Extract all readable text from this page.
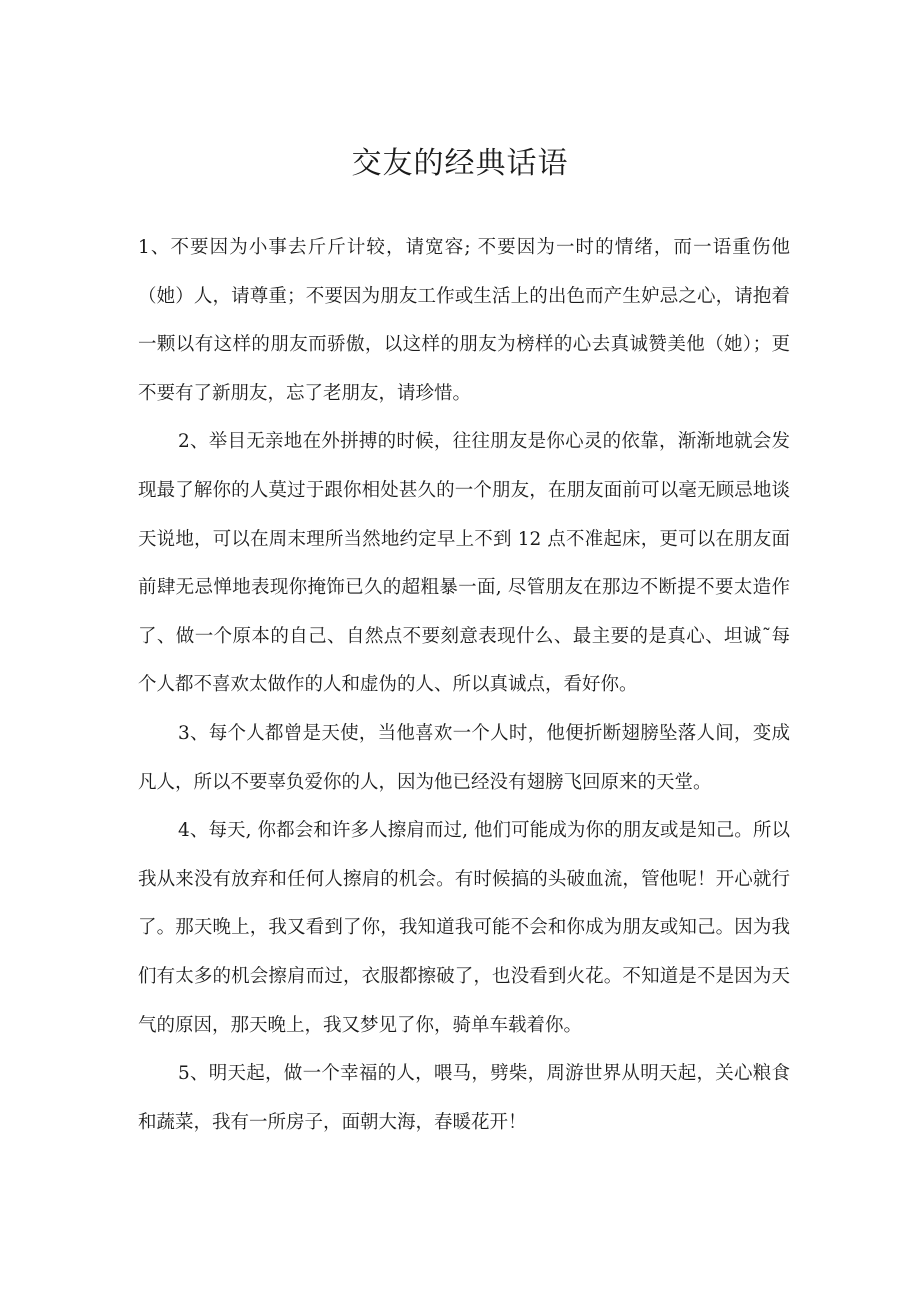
交友的经典话语

1、不要因为小事去斤斤计较，请宽容; 不要因为一时的情绪，而一语重伤他（她）人，请尊重；不要因为朋友工作或生活上的出色而产生妒忌之心，请抱着一颗以有这样的朋友而骄傲，以这样的朋友为榜样的心去真诚赞美他（她）；更不要有了新朋友，忘了老朋友，请珍惜。

2、举目无亲地在外拼搏的时候，往往朋友是你心灵的依靠，渐渐地就会发现最了解你的人莫过于跟你相处甚久的一个朋友，在朋友面前可以毫无顾忌地谈天说地，可以在周末理所当然地约定早上不到 12 点不准起床，更可以在朋友面前肆无忌惮地表现你掩饰已久的超粗暴一面, 尽管朋友在那边不断提不要太造作了、做一个原本的自己、自然点不要刻意表现什么、最主要的是真心、坦诚˜每个人都不喜欢太做作的人和虚伪的人、所以真诚点，看好你。

3、每个人都曾是天使，当他喜欢一个人时，他便折断翅膀坠落人间，变成凡人，所以不要辜负爱你的人，因为他已经没有翅膀飞回原来的天堂。

4、每天, 你都会和许多人擦肩而过, 他们可能成为你的朋友或是知己。所以我从来没有放弃和任何人擦肩的机会。有时候搞的头破血流，管他呢！开心就行了。那天晚上，我又看到了你，我知道我可能不会和你成为朋友或知己。因为我们有太多的机会擦肩而过，衣服都擦破了，也没看到火花。不知道是不是因为天气的原因，那天晚上，我又梦见了你，骑单车载着你。

5、明天起，做一个幸福的人，喂马，劈柴，周游世界从明天起，关心粮食和蔬菜，我有一所房子，面朝大海，春暖花开！
